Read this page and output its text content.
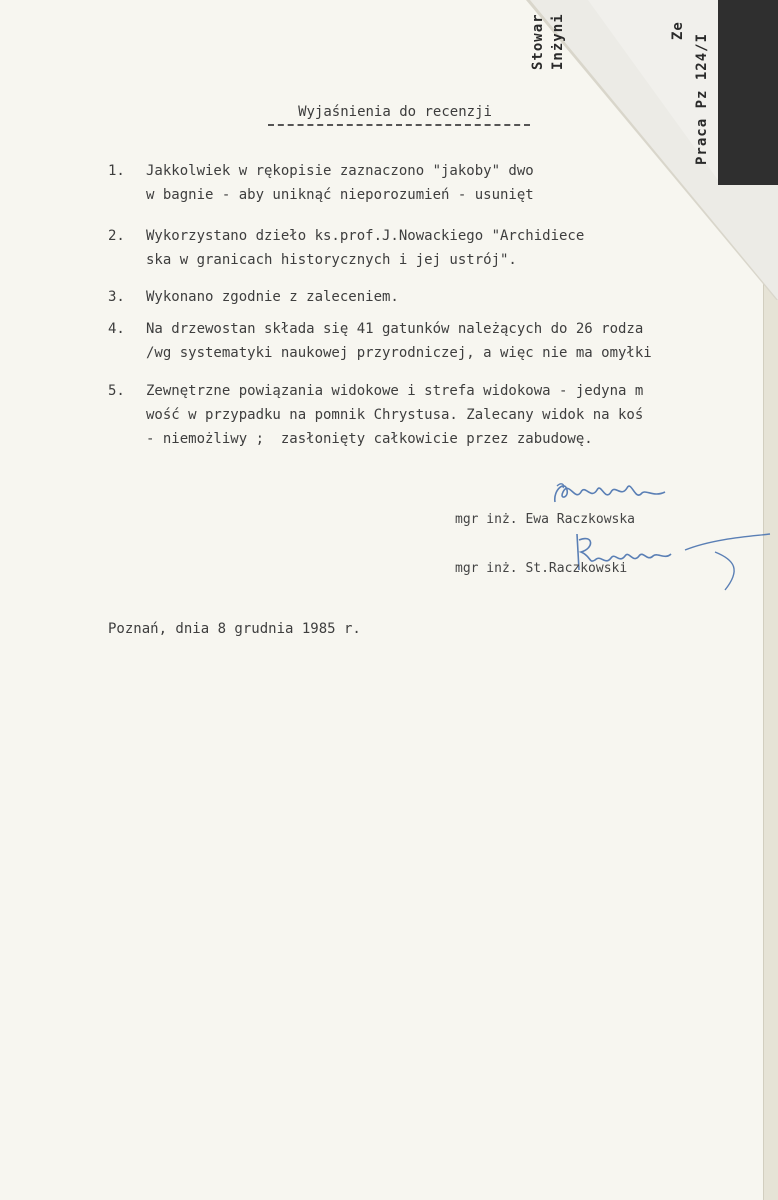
Stowar Inżyni	Ze
Praca Pz 124/I
Wyjaśnienia do recenzji

1.

	Jakkolwiek w rękopisie zaznaczono "jakoby" dwo

w bagnie - aby uniknąć nieporozumień - usunięt

2.

	Wykorzystano dzieło ks.prof.J.Nowackiego "Archidiece

ska w granicach historycznych i jej ustrój".

3.

	Wykonano zgodnie z zaleceniem.

4.

	Na drzewostan składa się 41 gatunków należących do 26 rodza

/wg systematyki naukowej przyrodniczej, a więc nie ma omyłki

5.

	Zewnętrzne powiązania widokowe i strefa widokowa - jedyna m

wość w przypadku na pomnik Chrystusa. Zalecany widok na koś

- niemożliwy ;  zasłonięty całkowicie przez zabudowę.

mgr inż. Ewa Raczkowska
mgr inż. St.Raczkowski
Poznań, dnia 8 grudnia 1985 r.
